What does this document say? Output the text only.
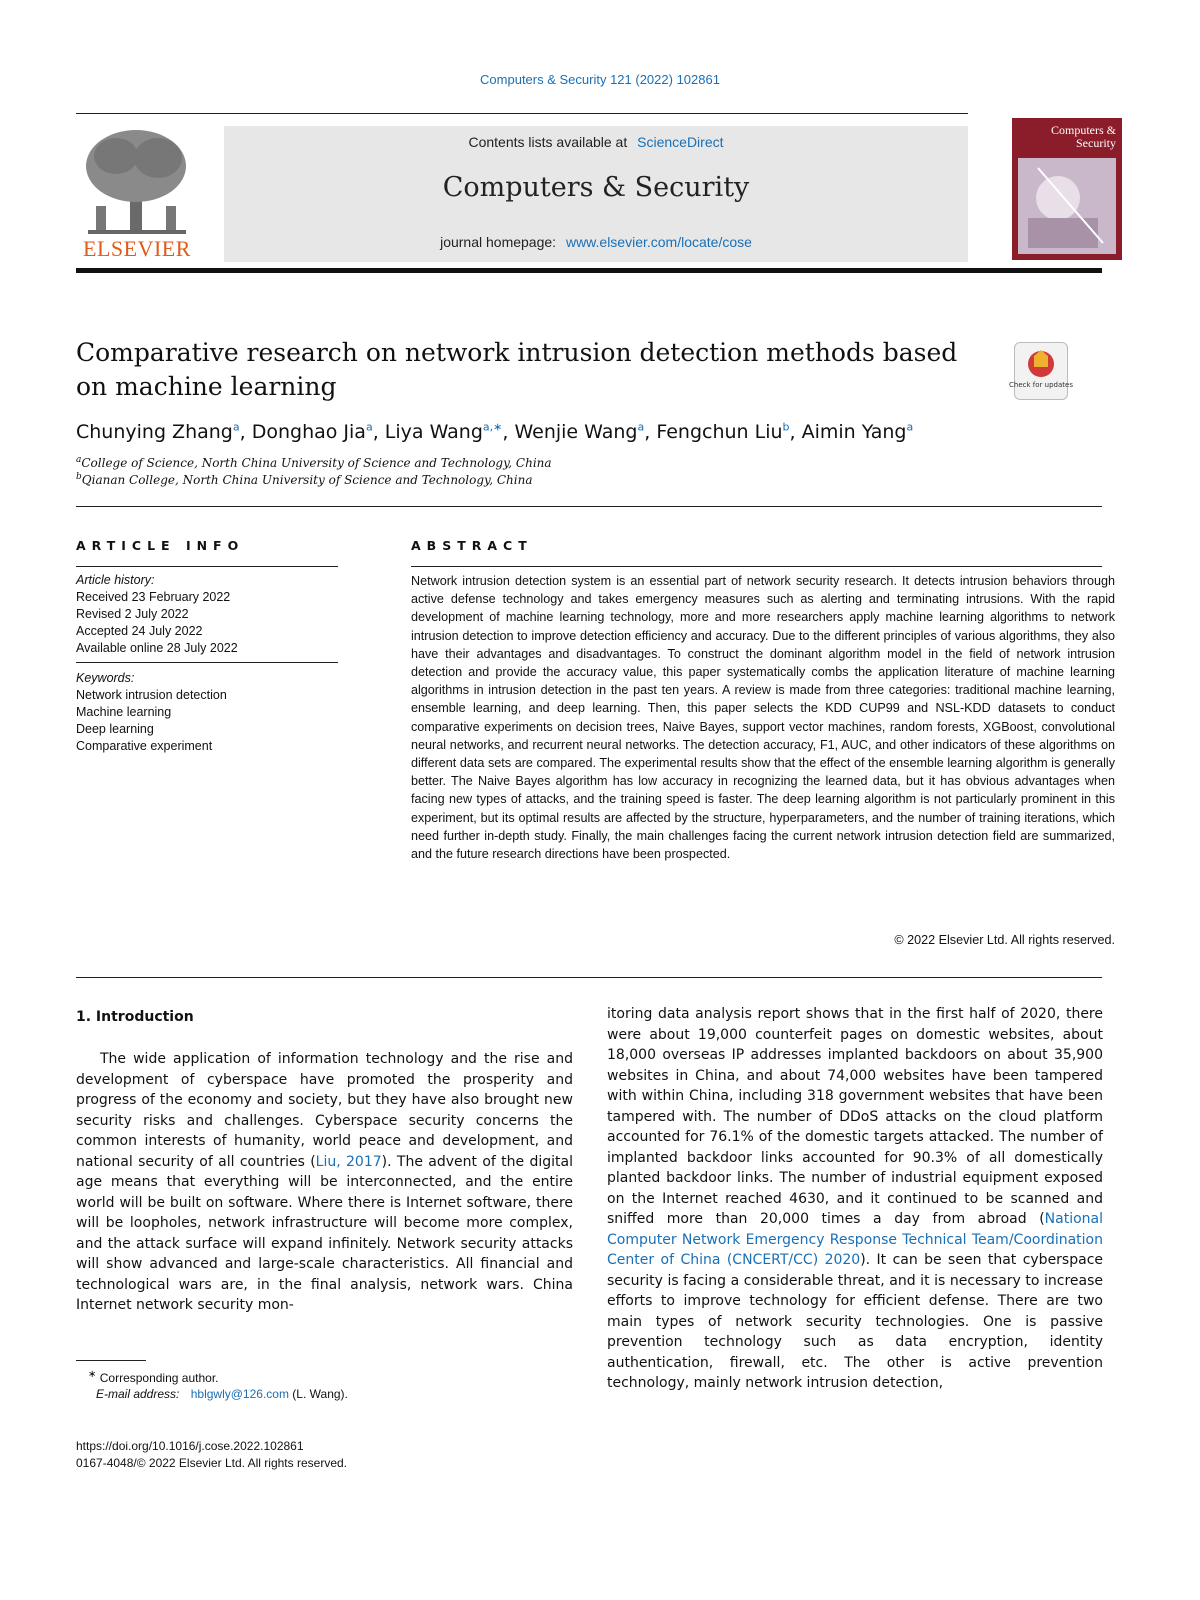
Computers & Security 121 (2022) 102861
ELSEVIER
Contents lists available at ScienceDirect
Computers & Security
journal homepage: www.elsevier.com/locate/cose
Computers & Security
Comparative research on network intrusion detection methods based on machine learning	Check for updates
Chunying Zhang$^a$, Donghao Jia$^a$, Liya Wang$^{a,∗}$, Wenjie Wang$^a$, Fengchun Liu$^b$, Aimin Yang$^a$
$^a$College of Science, North China University of Science and Technology, China
$^b$Qianan College, North China University of Science and Technology, China
ARTICLE INFO
Article history:
Received 23 February 2022
Revised 2 July 2022
Accepted 24 July 2022
Available online 28 July 2022
Keywords:
Network intrusion detection
Machine learning
Deep learning
Comparative experiment
ABSTRACT
Network intrusion detection system is an essential part of network security research. It detects intrusion behaviors through active defense technology and takes emergency measures such as alerting and terminating intrusions. With the rapid development of machine learning technology, more and more researchers apply machine learning algorithms to network intrusion detection to improve detection efficiency and accuracy. Due to the different principles of various algorithms, they also have their advantages and disadvantages. To construct the dominant algorithm model in the field of network intrusion detection and provide the accuracy value, this paper systematically combs the application literature of machine learning algorithms in intrusion detection in the past ten years. A review is made from three categories: traditional machine learning, ensemble learning, and deep learning. Then, this paper selects the KDD CUP99 and NSL-KDD datasets to conduct comparative experiments on decision trees, Naive Bayes, support vector machines, random forests, XGBoost, convolutional neural networks, and recurrent neural networks. The detection accuracy, F1, AUC, and other indicators of these algorithms on different data sets are compared. The experimental results show that the effect of the ensemble learning algorithm is generally better. The Naive Bayes algorithm has low accuracy in recognizing the learned data, but it has obvious advantages when facing new types of attacks, and the training speed is faster. The deep learning algorithm is not particularly prominent in this experiment, but its optimal results are affected by the structure, hyperparameters, and the number of training iterations, which need further in-depth study. Finally, the main challenges facing the current network intrusion detection field are summarized, and the future research directions have been prospected.
© 2022 Elsevier Ltd. All rights reserved.
1. Introduction
The wide application of information technology and the rise and development of cyberspace have promoted the prosperity and progress of the economy and society, but they have also brought new security risks and challenges. Cyberspace security concerns the common interests of humanity, world peace and development, and national security of all countries (Liu, 2017). The advent of the digital age means that everything will be interconnected, and the entire world will be built on software. Where there is Internet software, there will be loopholes, network infrastructure will become more complex, and the attack surface will expand infinitely. Network security attacks will show advanced and large-scale characteristics. All financial and technological wars are, in the final analysis, network wars. China Internet network security mon-
itoring data analysis report shows that in the first half of 2020, there were about 19,000 counterfeit pages on domestic websites, about 18,000 overseas IP addresses implanted backdoors on about 35,900 websites in China, and about 74,000 websites have been tampered with within China, including 318 government websites that have been tampered with. The number of DDoS attacks on the cloud platform accounted for 76.1% of the domestic targets attacked. The number of implanted backdoor links accounted for 90.3% of all domestically planted backdoor links. The number of industrial equipment exposed on the Internet reached 4630, and it continued to be scanned and sniffed more than 20,000 times a day from abroad (National Computer Network Emergency Response Technical Team/Coordination Center of China (CNCERT/CC) 2020). It can be seen that cyberspace security is facing a considerable threat, and it is necessary to increase efforts to improve technology for efficient defense. There are two main types of network security technologies. One is passive prevention technology such as data encryption, identity authentication, firewall, etc. The other is active prevention technology, mainly network intrusion detection,
∗ Corresponding author.
E-mail address: hblgwly@126.com (L. Wang).
https://doi.org/10.1016/j.cose.2022.102861
0167-4048/© 2022 Elsevier Ltd. All rights reserved.
